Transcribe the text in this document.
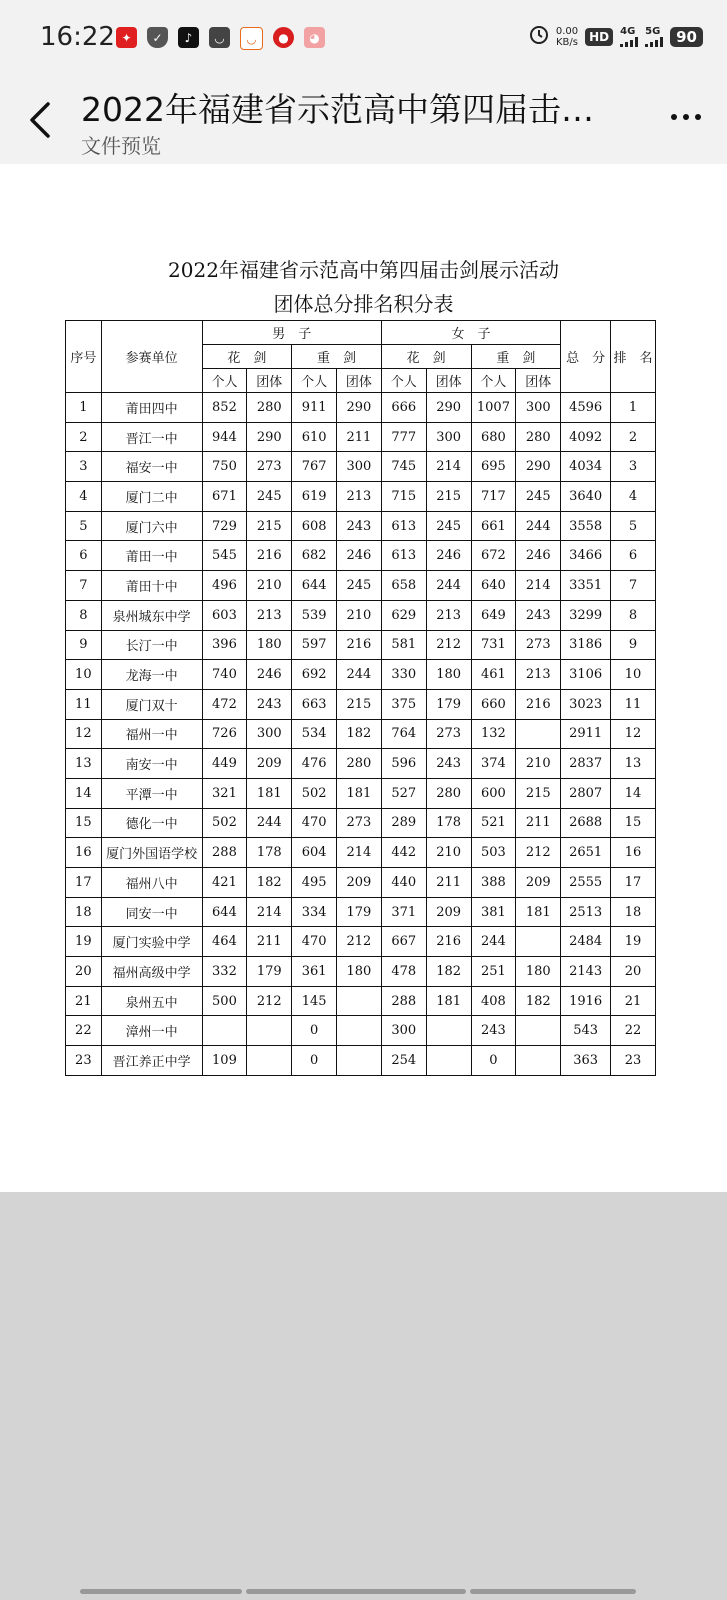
16:22 ✦	✓	♪	◡	◡	●	◕	0.00
KB/s HD	4G 5G	90
2022年福建省示范高中第四届击…
文件预览
2022年福建省示范高中第四届击剑展示活动
团体总分排名积分表
序号	参赛单位	男　子				女　子				总　分	排　名
		花　剑		重　剑		花　剑		重　剑			
		个人	团体	个人	团体	个人	团体	个人	团体		
1	莆田四中	852	280	911	290	666	290	1007	300	4596	1
2	晋江一中	944	290	610	211	777	300	680	280	4092	2
3	福安一中	750	273	767	300	745	214	695	290	4034	3
4	厦门二中	671	245	619	213	715	215	717	245	3640	4
5	厦门六中	729	215	608	243	613	245	661	244	3558	5
6	莆田一中	545	216	682	246	613	246	672	246	3466	6
7	莆田十中	496	210	644	245	658	244	640	214	3351	7
8	泉州城东中学	603	213	539	210	629	213	649	243	3299	8
9	长汀一中	396	180	597	216	581	212	731	273	3186	9
10	龙海一中	740	246	692	244	330	180	461	213	3106	10
11	厦门双十	472	243	663	215	375	179	660	216	3023	11
12	福州一中	726	300	534	182	764	273	132		2911	12
13	南安一中	449	209	476	280	596	243	374	210	2837	13
14	平潭一中	321	181	502	181	527	280	600	215	2807	14
15	德化一中	502	244	470	273	289	178	521	211	2688	15
16	厦门外国语学校	288	178	604	214	442	210	503	212	2651	16
17	福州八中	421	182	495	209	440	211	388	209	2555	17
18	同安一中	644	214	334	179	371	209	381	181	2513	18
19	厦门实验中学	464	211	470	212	667	216	244		2484	19
20	福州高级中学	332	179	361	180	478	182	251	180	2143	20
21	泉州五中	500	212	145		288	181	408	182	1916	21
22	漳州一中			0		300		243		543	22
23	晋江养正中学	109		0		254		0		363	23
